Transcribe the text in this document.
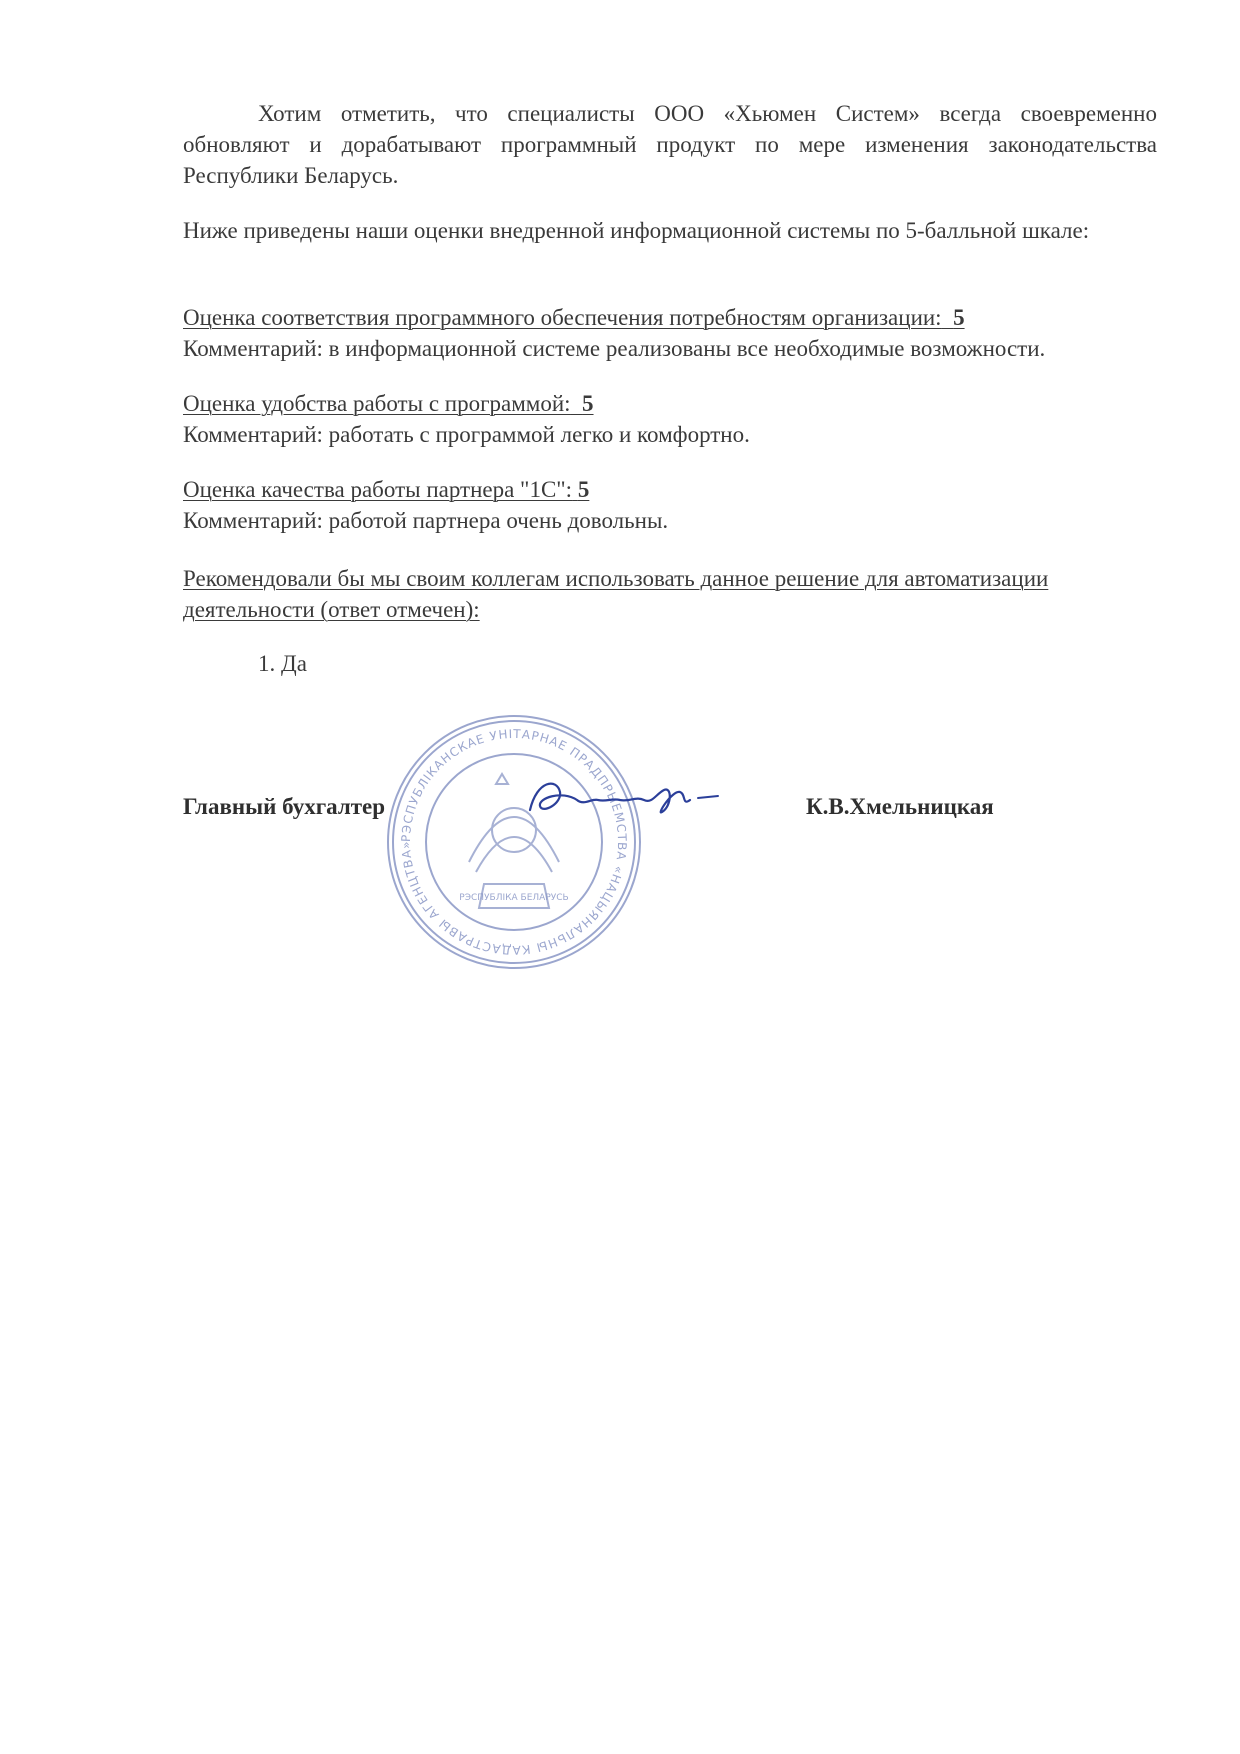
Хотим отметить, что специалисты ООО «Хьюмен Систем» всегда своевременно обновляют и дорабатывают программный продукт по мере изменения законодательства Республики Беларусь.

Ниже приведены наши оценки внедренной информационной системы по 5-балльной шкале:

Оценка соответствия программного обеспечения потребностям организации: 5
Комментарий: в информационной системе реализованы все необходимые возможности.
Оценка удобства работы с программой: 5
Комментарий: работать с программой легко и комфортно.
Оценка качества работы партнера "1С": 5
Комментарий: работой партнера очень довольны.

Рекомендовали бы мы своим коллегам использовать данное решение для автоматизации деятельности (ответ отмечен):

1. Да
РЭСПУБЛІКАНСКАЕ УНІТАРНАЕ ПРАДПРЫЕМСТВА «НАЦЫЯНАЛЬНЫ КАДАСТРАВЫ АГЕНЦТВА»
РЭСПУБЛІКА БЕЛАРУСЬ
Главный бухгалтер	К.В.Хмельницкая
